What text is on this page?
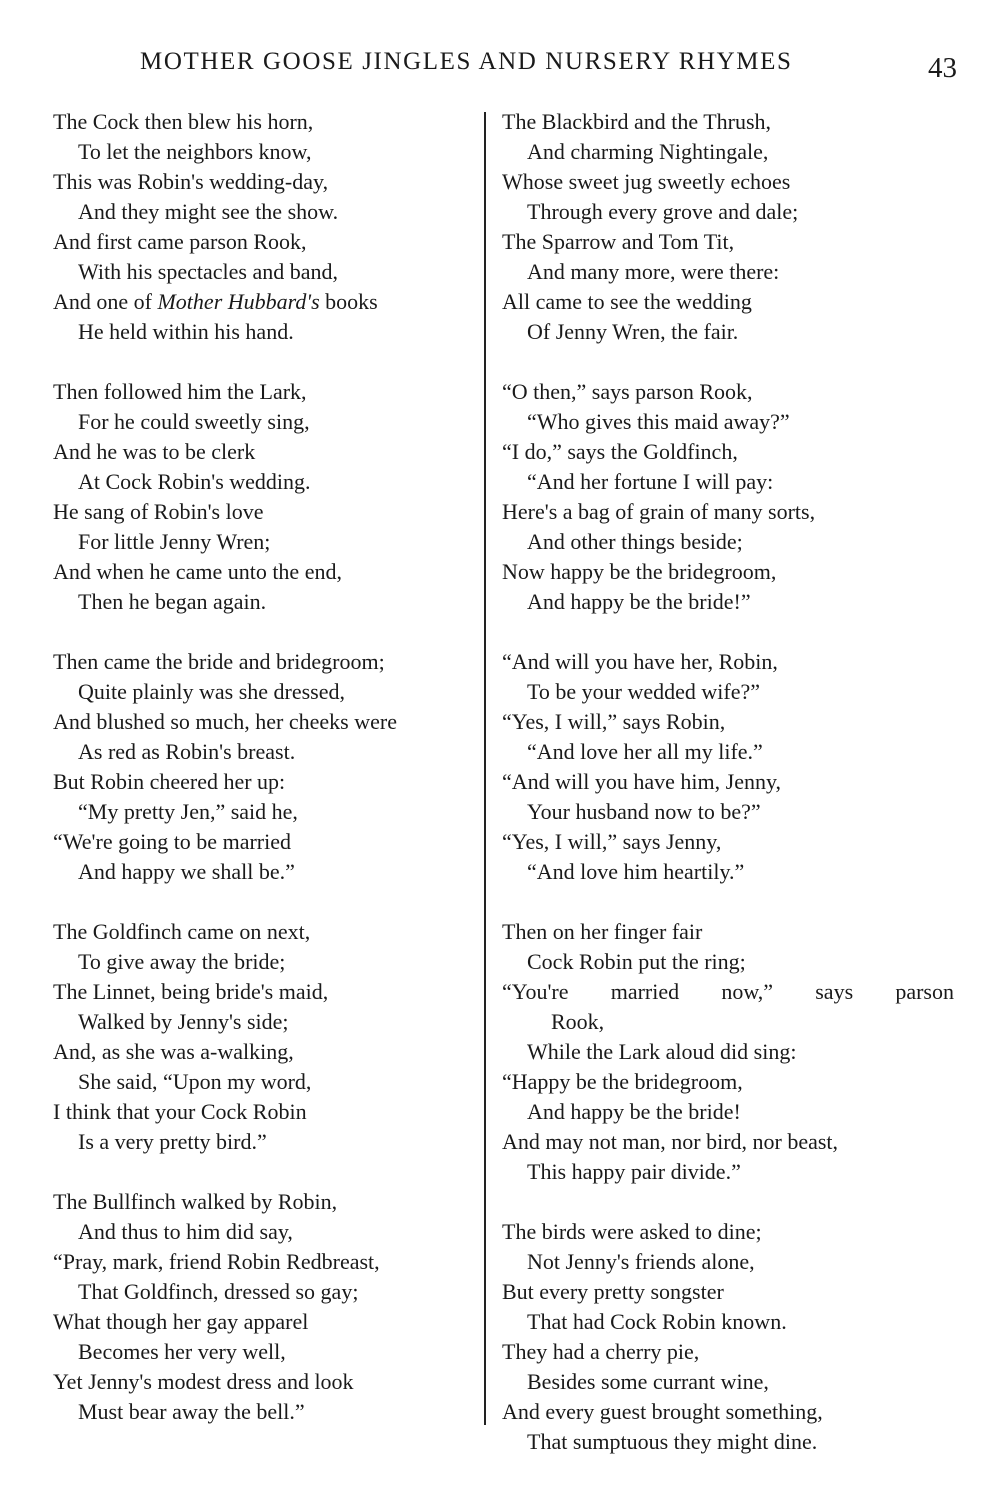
MOTHER GOOSE JINGLES AND NURSERY RHYMES	43
The Cock then blew his horn,
To let the neighbors know,
This was Robin's wedding-day,
And they might see the show.
And first came parson Rook,
With his spectacles and band,
And one of Mother Hubbard's books
He held within his hand.
Then followed him the Lark,
For he could sweetly sing,
And he was to be clerk
At Cock Robin's wedding.
He sang of Robin's love
For little Jenny Wren;
And when he came unto the end,
Then he began again.
Then came the bride and bridegroom;
Quite plainly was she dressed,
And blushed so much, her cheeks were
As red as Robin's breast.
But Robin cheered her up:
“My pretty Jen,” said he,
“We're going to be married
And happy we shall be.”
The Goldfinch came on next,
To give away the bride;
The Linnet, being bride's maid,
Walked by Jenny's side;
And, as she was a-walking,
She said, “Upon my word,
I think that your Cock Robin
Is a very pretty bird.”
The Bullfinch walked by Robin,
And thus to him did say,
“Pray, mark, friend Robin Redbreast,
That Goldfinch, dressed so gay;
What though her gay apparel
Becomes her very well,
Yet Jenny's modest dress and look
Must bear away the bell.”
The Blackbird and the Thrush,
And charming Nightingale,
Whose sweet jug sweetly echoes
Through every grove and dale;
The Sparrow and Tom Tit,
And many more, were there:
All came to see the wedding
Of Jenny Wren, the fair.
“O then,” says parson Rook,
“Who gives this maid away?”
“I do,” says the Goldfinch,
“And her fortune I will pay:
Here's a bag of grain of many sorts,
And other things beside;
Now happy be the bridegroom,
And happy be the bride!”
“And will you have her, Robin,
To be your wedded wife?”
“Yes, I will,” says Robin,
“And love her all my life.”
“And will you have him, Jenny,
Your husband now to be?”
“Yes, I will,” says Jenny,
“And love him heartily.”
Then on her finger fair
Cock Robin put the ring;
“You're married now,” says parson
Rook,
While the Lark aloud did sing:
“Happy be the bridegroom,
And happy be the bride!
And may not man, nor bird, nor beast,
This happy pair divide.”
The birds were asked to dine;
Not Jenny's friends alone,
But every pretty songster
That had Cock Robin known.
They had a cherry pie,
Besides some currant wine,
And every guest brought something,
That sumptuous they might dine.
